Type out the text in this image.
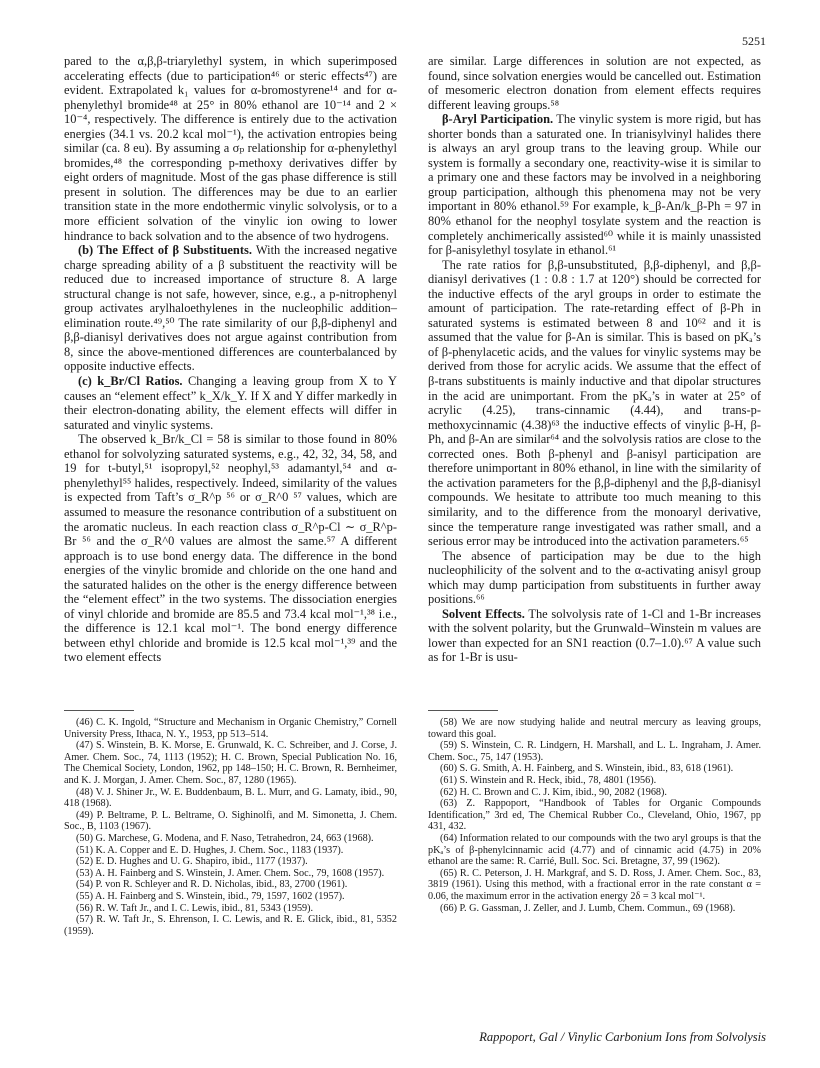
5251

pared to the α,β,β-triarylethyl system, in which superimposed accelerating effects (due to participation⁴⁶ or steric effects⁴⁷) are evident. Extrapolated k₁ values for α-bromostyrene¹⁴ and for α-phenylethyl bromide⁴⁸ at 25° in 80% ethanol are 10⁻¹⁴ and 2 × 10⁻⁴, respectively. The difference is entirely due to the activation energies (34.1 vs. 20.2 kcal mol⁻¹), the activation entropies being similar (ca. 8 eu). By assuming a σₚ relationship for α-phenylethyl bromides,⁴⁸ the corresponding p-methoxy derivatives differ by eight orders of magnitude. Most of the gas phase difference is still present in solution. The differences may be due to an earlier transition state in the more endothermic vinylic solvolysis, or to a more efficient solvation of the vinylic ion owing to lower hindrance to back solvation and to the absence of two hydrogens.

(b) The Effect of β Substituents. With the increased negative charge spreading ability of a β substituent the reactivity will be reduced due to increased importance of structure 8. A large structural change is not safe, however, since, e.g., a p-nitrophenyl group activates arylhaloethylenes in the nucleophilic addition–elimination route.⁴⁹,⁵⁰ The rate similarity of our β,β-diphenyl and β,β-dianisyl derivatives does not argue against contribution from 8, since the above-mentioned differences are counterbalanced by opposite inductive effects.

(c) k_Br/Cl Ratios. Changing a leaving group from X to Y causes an “element effect” k_X/k_Y. If X and Y differ markedly in their electron-donating ability, the element effects will differ in saturated and vinylic systems.

The observed k_Br/k_Cl = 58 is similar to those found in 80% ethanol for solvolyzing saturated systems, e.g., 42, 32, 34, 58, and 19 for t-butyl,⁵¹ isopropyl,⁵² neophyl,⁵³ adamantyl,⁵⁴ and α-phenylethyl⁵⁵ halides, respectively. Indeed, similarity of the values is expected from Taft’s σ_R^p ⁵⁶ or σ_R^0 ⁵⁷ values, which are assumed to measure the resonance contribution of a substituent on the aromatic nucleus. In each reaction class σ_R^p-Cl ∼ σ_R^p-Br ⁵⁶ and the σ_R^0 values are almost the same.⁵⁷ A different approach is to use bond energy data. The difference in the bond energies of the vinylic bromide and chloride on the one hand and the saturated halides on the other is the energy difference between the “element effect” in the two systems. The dissociation energies of vinyl chloride and bromide are 85.5 and 73.4 kcal mol⁻¹,³⁸ i.e., the difference is 12.1 kcal mol⁻¹. The bond energy difference between ethyl chloride and bromide is 12.5 kcal mol⁻¹,³⁹ and the two element effects

are similar. Large differences in solution are not expected, as found, since solvation energies would be cancelled out. Estimation of mesomeric electron donation from element effects requires different leaving groups.⁵⁸

β-Aryl Participation. The vinylic system is more rigid, but has shorter bonds than a saturated one. In trianisylvinyl halides there is always an aryl group trans to the leaving group. While our system is formally a secondary one, reactivity-wise it is similar to a primary one and these factors may be involved in a neighboring group participation, although this phenomena may not be very important in 80% ethanol.⁵⁹ For example, k_β-An/k_β-Ph = 97 in 80% ethanol for the neophyl tosylate system and the reaction is completely anchimerically assisted⁶⁰ while it is mainly unassisted for β-anisylethyl tosylate in ethanol.⁶¹

The rate ratios for β,β-unsubstituted, β,β-diphenyl, and β,β-dianisyl derivatives (1 : 0.8 : 1.7 at 120°) should be corrected for the inductive effects of the aryl groups in order to estimate the amount of participation. The rate-retarding effect of β-Ph in saturated systems is estimated between 8 and 10⁶² and it is assumed that the value for β-An is similar. This is based on pKₐ’s of β-phenylacetic acids, and the values for vinylic systems may be derived from those for acrylic acids. We assume that the effect of β-trans substituents is mainly inductive and that dipolar structures in the acid are unimportant. From the pKₐ’s in water at 25° of acrylic (4.25), trans-cinnamic (4.44), and trans-p-methoxycinnamic (4.38)⁶³ the inductive effects of vinylic β-H, β-Ph, and β-An are similar⁶⁴ and the solvolysis ratios are close to the corrected ones. Both β-phenyl and β-anisyl participation are therefore unimportant in 80% ethanol, in line with the similarity of the activation parameters for the β,β-diphenyl and the β,β-dianisyl compounds. We hesitate to attribute too much meaning to this similarity, and to the difference from the monoaryl derivative, since the temperature range investigated was rather small, and a serious error may be introduced into the activation parameters.⁶⁵

The absence of participation may be due to the high nucleophilicity of the solvent and to the α-activating anisyl group which may dump participation from substituents in further away positions.⁶⁶

Solvent Effects. The solvolysis rate of 1-Cl and 1-Br increases with the solvent polarity, but the Grunwald–Winstein m values are lower than expected for an SN1 reaction (0.7–1.0).⁶⁷ A value such as for 1-Br is usu-

(46) C. K. Ingold, “Structure and Mechanism in Organic Chemistry,” Cornell University Press, Ithaca, N. Y., 1953, pp 513–514.
(47) S. Winstein, B. K. Morse, E. Grunwald, K. C. Schreiber, and J. Corse, J. Amer. Chem. Soc., 74, 1113 (1952); H. C. Brown, Special Publication No. 16, The Chemical Society, London, 1962, pp 148–150; H. C. Brown, R. Bernheimer, and K. J. Morgan, J. Amer. Chem. Soc., 87, 1280 (1965).
(48) V. J. Shiner Jr., W. E. Buddenbaum, B. L. Murr, and G. Lamaty, ibid., 90, 418 (1968).
(49) P. Beltrame, P. L. Beltrame, O. Sighinolfi, and M. Simonetta, J. Chem. Soc., B, 1103 (1967).
(50) G. Marchese, G. Modena, and F. Naso, Tetrahedron, 24, 663 (1968).
(51) K. A. Copper and E. D. Hughes, J. Chem. Soc., 1183 (1937).
(52) E. D. Hughes and U. G. Shapiro, ibid., 1177 (1937).
(53) A. H. Fainberg and S. Winstein, J. Amer. Chem. Soc., 79, 1608 (1957).
(54) P. von R. Schleyer and R. D. Nicholas, ibid., 83, 2700 (1961).
(55) A. H. Fainberg and S. Winstein, ibid., 79, 1597, 1602 (1957).
(56) R. W. Taft Jr., and I. C. Lewis, ibid., 81, 5343 (1959).
(57) R. W. Taft Jr., S. Ehrenson, I. C. Lewis, and R. E. Glick, ibid., 81, 5352 (1959).
(58) We are now studying halide and neutral mercury as leaving groups, toward this goal.
(59) S. Winstein, C. R. Lindgern, H. Marshall, and L. L. Ingraham, J. Amer. Chem. Soc., 75, 147 (1953).
(60) S. G. Smith, A. H. Fainberg, and S. Winstein, ibid., 83, 618 (1961).
(61) S. Winstein and R. Heck, ibid., 78, 4801 (1956).
(62) H. C. Brown and C. J. Kim, ibid., 90, 2082 (1968).
(63) Z. Rappoport, “Handbook of Tables for Organic Compounds Identification,” 3rd ed, The Chemical Rubber Co., Cleveland, Ohio, 1967, pp 431, 432.
(64) Information related to our compounds with the two aryl groups is that the pKₐ’s of β-phenylcinnamic acid (4.77) and of cinnamic acid (4.75) in 20% ethanol are the same: R. Carrié, Bull. Soc. Sci. Bretagne, 37, 99 (1962).
(65) R. C. Peterson, J. H. Markgraf, and S. D. Ross, J. Amer. Chem. Soc., 83, 3819 (1961). Using this method, with a fractional error in the rate constant α = 0.06, the maximum error in the activation energy 2δ = 3 kcal mol⁻¹.
(66) P. G. Gassman, J. Zeller, and J. Lumb, Chem. Commun., 69 (1968).
Rappoport, Gal / Vinylic Carbonium Ions from Solvolysis
